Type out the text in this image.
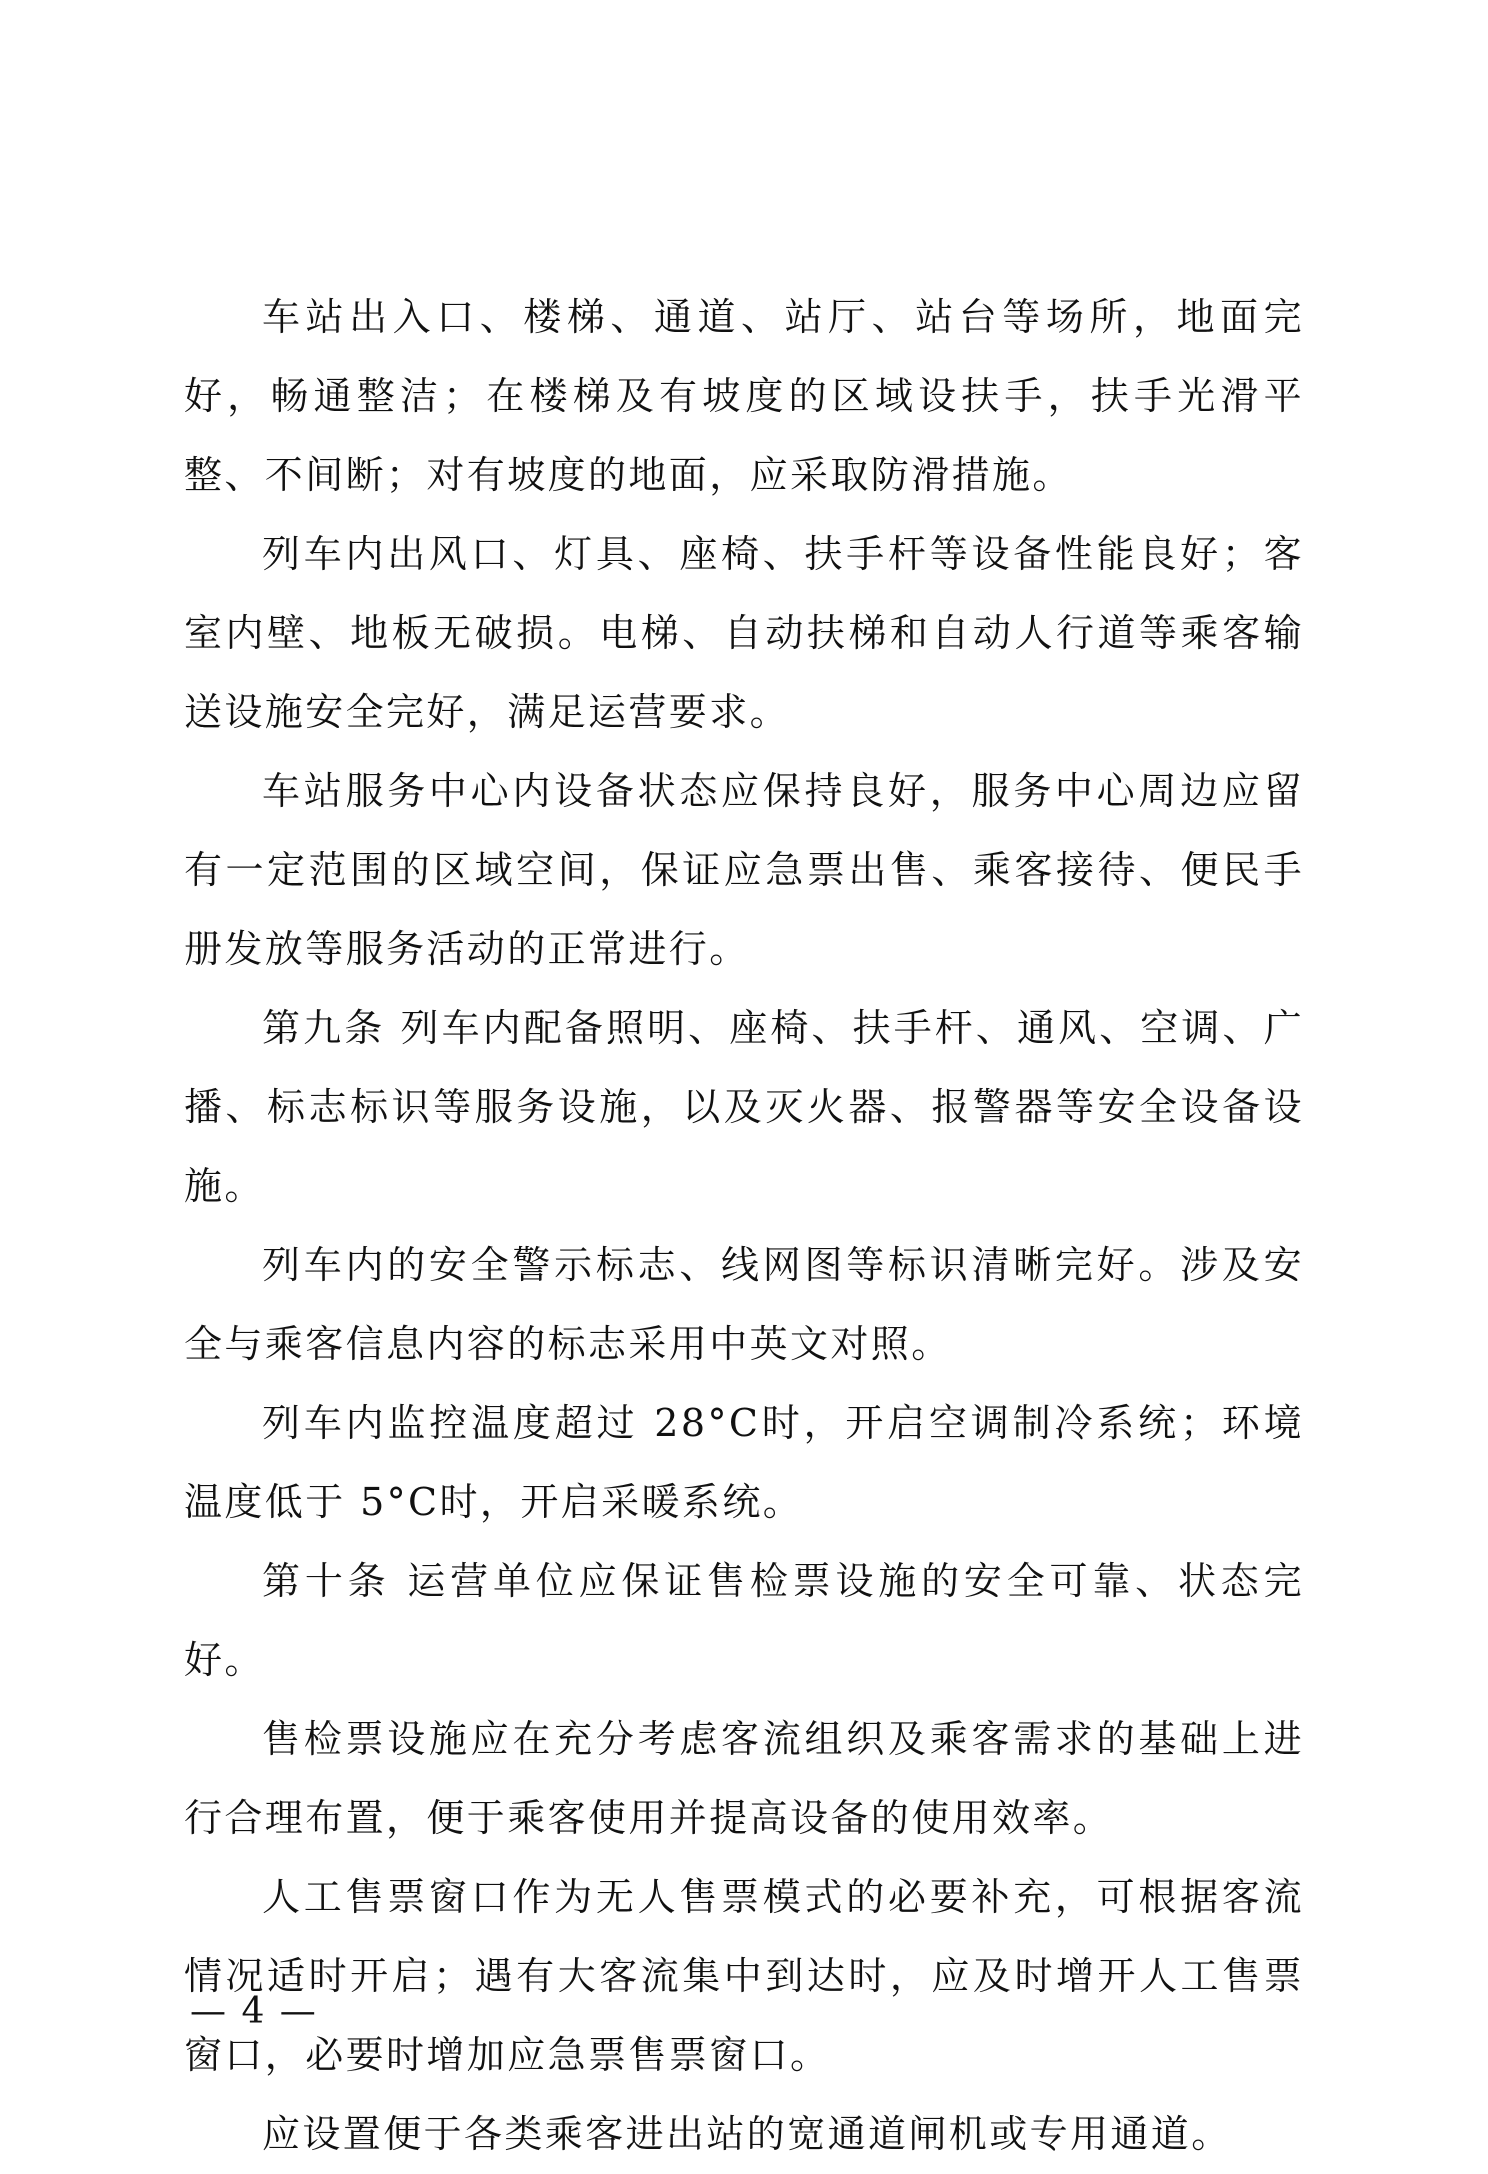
车站出入口、楼梯、通道、站厅、站台等场所，地面完好，畅通整洁；在楼梯及有坡度的区域设扶手，扶手光滑平整、不间断；对有坡度的地面，应采取防滑措施。

列车内出风口、灯具、座椅、扶手杆等设备性能良好；客室内壁、地板无破损。电梯、自动扶梯和自动人行道等乘客输送设施安全完好，满足运营要求。

车站服务中心内设备状态应保持良好，服务中心周边应留有一定范围的区域空间，保证应急票出售、乘客接待、便民手册发放等服务活动的正常进行。

第九条 列车内配备照明、座椅、扶手杆、通风、空调、广播、标志标识等服务设施，以及灭火器、报警器等安全设备设施。

列车内的安全警示标志、线网图等标识清晰完好。涉及安全与乘客信息内容的标志采用中英文对照。

列车内监控温度超过 28°C时，开启空调制冷系统；环境温度低于 5°C时，开启采暖系统。

第十条 运营单位应保证售检票设施的安全可靠、状态完好。

售检票设施应在充分考虑客流组织及乘客需求的基础上进行合理布置，便于乘客使用并提高设备的使用效率。

人工售票窗口作为无人售票模式的必要补充，可根据客流情况适时开启；遇有大客流集中到达时，应及时增开人工售票窗口，必要时增加应急票售票窗口。

应设置便于各类乘客进出站的宽通道闸机或专用通道。

— 4 —
